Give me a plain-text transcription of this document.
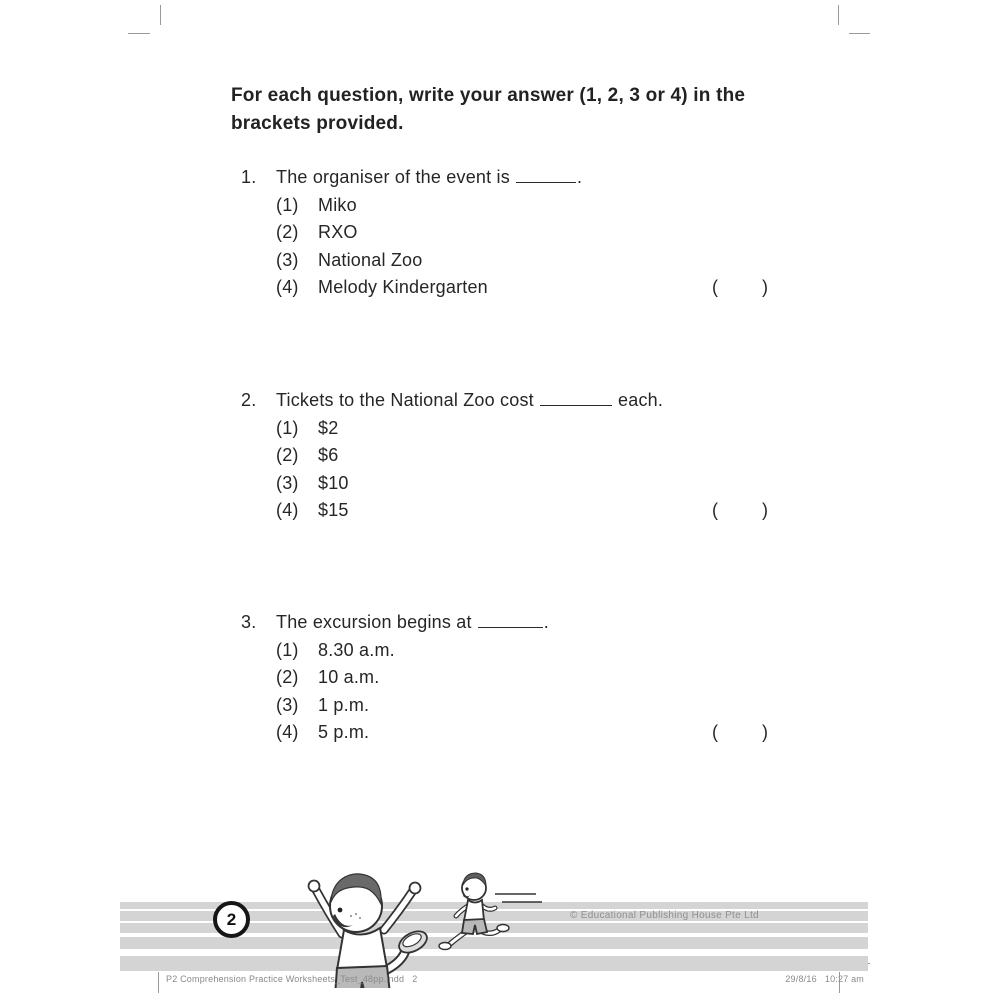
For each question, write your answer (1, 2, 3 or 4) in the brackets provided.
1. The organiser of the event is	.
(1) Miko
(2) RXO
(3) National Zoo
(4) Melody Kindergarten	( )
2. Tickets to the National Zoo cost	each.
(1) $2
(2) $6
(3) $10
(4) $15	( )
3. The excursion begins at	.
(1) 8.30 a.m.
(2) 10 a.m.
(3) 1 p.m.
(4) 5 p.m.	( )
2	© Educational Publishing House Pte Ltd
P2 Comprehension Practice Worksheets_Test_48pp.indd   2	29/8/16   10:27 am
